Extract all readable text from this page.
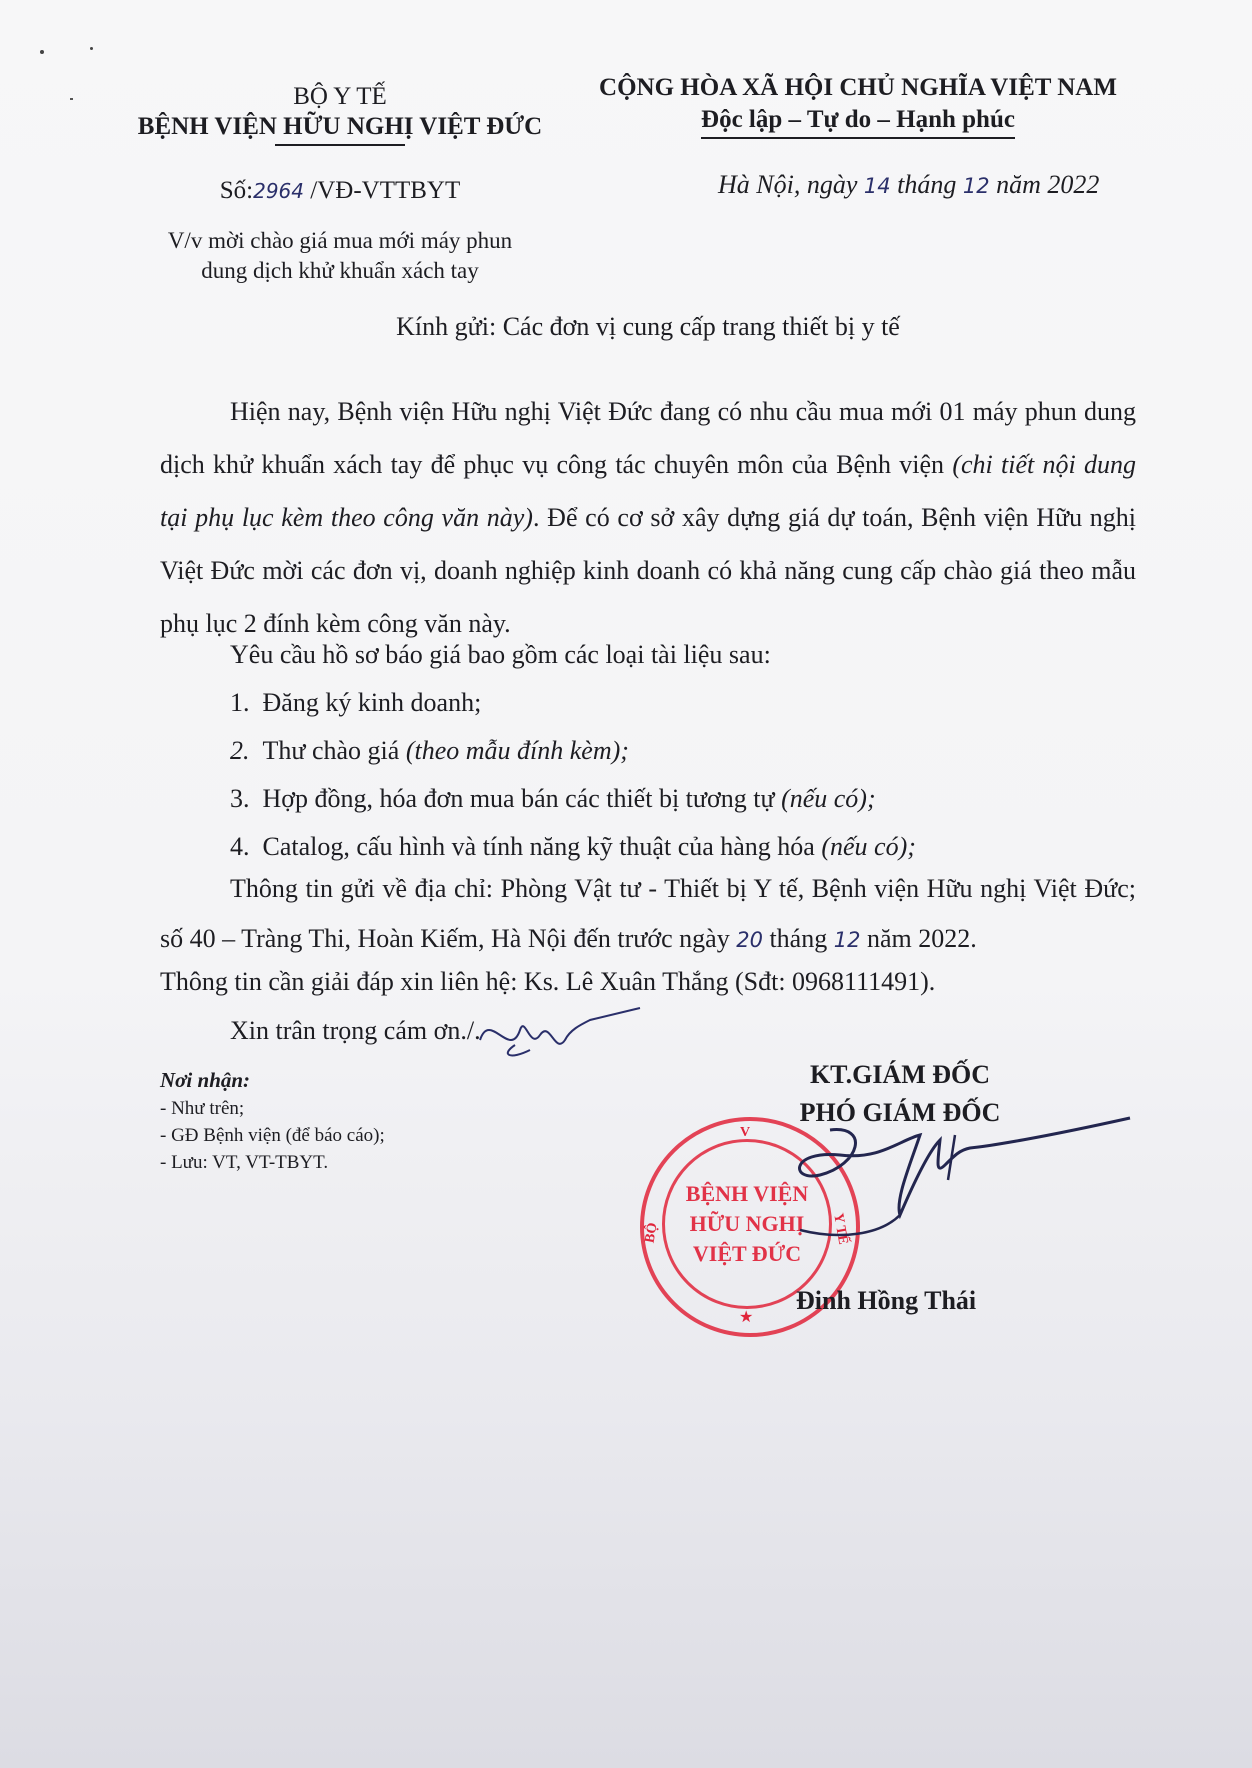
BỘ Y TẾ
BỆNH VIỆN HỮU NGHỊ VIỆT ĐỨC
Số:2964 /VĐ-VTTBYT
V/v mời chào giá mua mới máy phun
dung dịch khử khuẩn xách tay
CỘNG HÒA XÃ HỘI CHỦ NGHĨA VIỆT NAM
Độc lập – Tự do – Hạnh phúc
Hà Nội, ngày 14 tháng 12 năm 2022
Kính gửi: Các đơn vị cung cấp trang thiết bị y tế
Hiện nay, Bệnh viện Hữu nghị Việt Đức đang có nhu cầu mua mới 01 máy phun dung dịch khử khuẩn xách tay để phục vụ công tác chuyên môn của Bệnh viện (chi tiết nội dung tại phụ lục kèm theo công văn này). Để có cơ sở xây dựng giá dự toán, Bệnh viện Hữu nghị Việt Đức mời các đơn vị, doanh nghiệp kinh doanh có khả năng cung cấp chào giá theo mẫu phụ lục 2 đính kèm công văn này.
Yêu cầu hồ sơ báo giá bao gồm các loại tài liệu sau:
1. Đăng ký kinh doanh;
2. Thư chào giá (theo mẫu đính kèm);
3. Hợp đồng, hóa đơn mua bán các thiết bị tương tự (nếu có);
4. Catalog, cấu hình và tính năng kỹ thuật của hàng hóa (nếu có);
Thông tin gửi về địa chỉ: Phòng Vật tư - Thiết bị Y tế, Bệnh viện Hữu nghị Việt Đức; số 40 – Tràng Thi, Hoàn Kiếm, Hà Nội đến trước ngày 20 tháng 12 năm 2022.
Thông tin cần giải đáp xin liên hệ: Ks. Lê Xuân Thắng (Sđt: 0968111491).
Xin trân trọng cám ơn./.
Nơi nhận:
- Như trên;
- GĐ Bệnh viện (để báo cáo);
- Lưu: VT, VT-TBYT.
KT.GIÁM ĐỐC
PHÓ GIÁM ĐỐC
BỘ	Y TẾ
★
V
BỆNH VIỆN
HỮU NGHỊ
VIỆT ĐỨC
Đinh Hồng Thái
